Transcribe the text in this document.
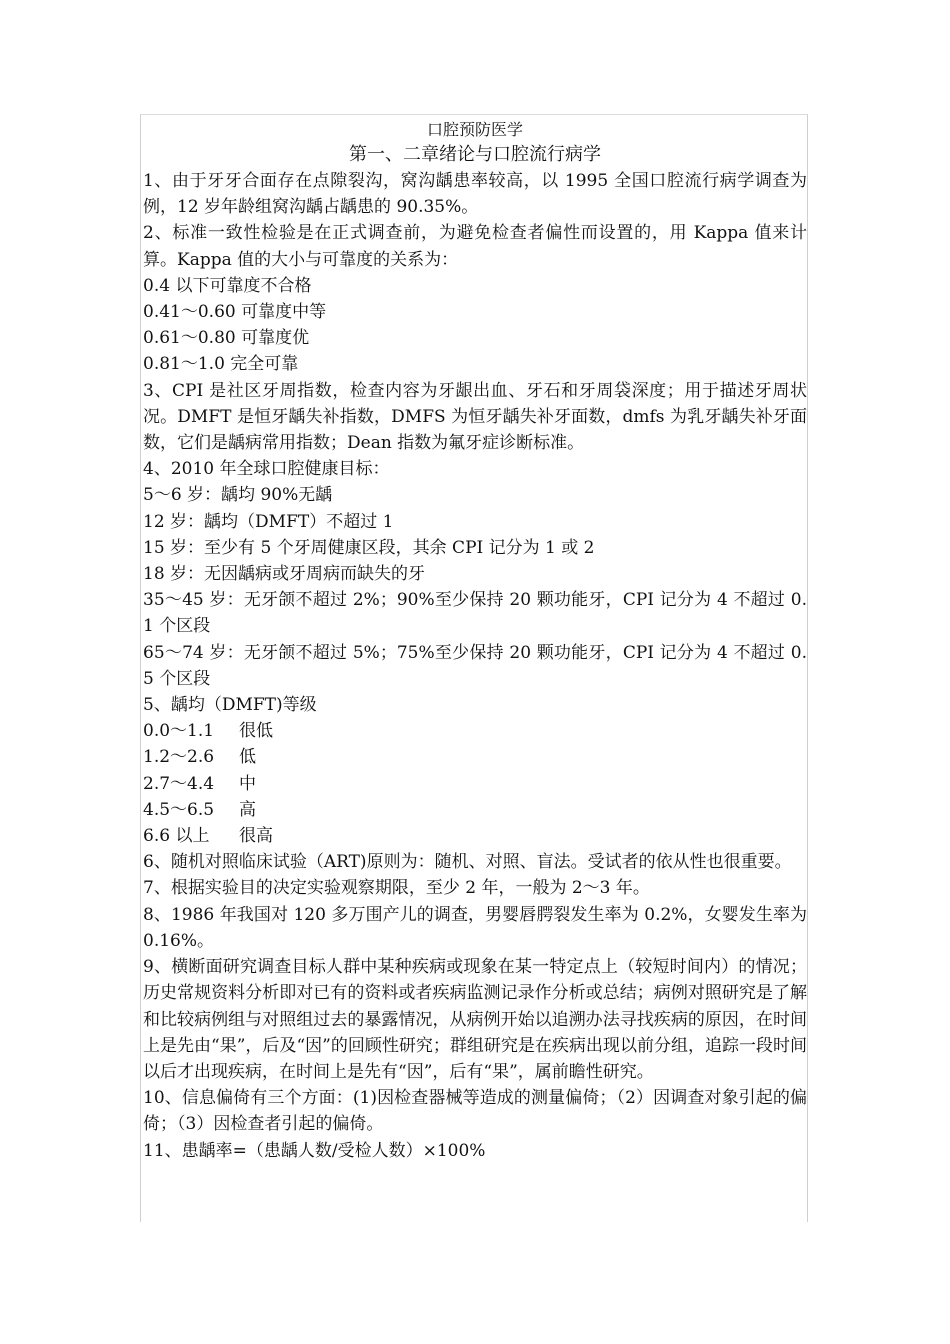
口腔预防医学
第一、二章绪论与口腔流行病学
1、由于牙牙合面存在点隙裂沟，窝沟龋患率较高，以 1995 全国口腔流行病学调查为例，12 岁年龄组窝沟龋占龋患的 90.35%。
2、标准一致性检验是在正式调查前，为避免检查者偏性而设置的，用 Kappa 值来计算。Kappa 值的大小与可靠度的关系为：
0.4 以下可靠度不合格
0.41～0.60 可靠度中等
0.61～0.80 可靠度优
0.81～1.0 完全可靠
3、CPI 是社区牙周指数，检查内容为牙龈出血、牙石和牙周袋深度；用于描述牙周状况。DMFT 是恒牙龋失补指数，DMFS 为恒牙龋失补牙面数，dmfs 为乳牙龋失补牙面数，它们是龋病常用指数；Dean 指数为氟牙症诊断标准。
4、2010 年全球口腔健康目标：
5～6 岁：龋均 90%无龋
12 岁：龋均（DMFT）不超过 1
15 岁：至少有 5 个牙周健康区段，其余 CPI 记分为 1 或 2
18 岁：无因龋病或牙周病而缺失的牙
35～45 岁：无牙颌不超过 2%；90%至少保持 20 颗功能牙，CPI 记分为 4 不超过 0.1 个区段
65～74 岁：无牙颌不超过 5%；75%至少保持 20 颗功能牙，CPI 记分为 4 不超过 0.5 个区段
5、龋均（DMFT)等级
0.0～1.1	很低
1.2～2.6	低
2.7～4.4	中
4.5～6.5	高
6.6 以上	很高
6、随机对照临床试验（ART)原则为：随机、对照、盲法。受试者的依从性也很重要。
7、根据实验目的决定实验观察期限，至少 2 年，一般为 2～3 年。
8、1986 年我国对 120 多万围产儿的调查，男婴唇腭裂发生率为 0.2%，女婴发生率为 0.16%。
9、横断面研究调查目标人群中某种疾病或现象在某一特定点上（较短时间内）的情况；历史常规资料分析即对已有的资料或者疾病监测记录作分析或总结；病例对照研究是了解和比较病例组与对照组过去的暴露情况，从病例开始以追溯办法寻找疾病的原因，在时间上是先由“果”，后及“因”的回顾性研究；群组研究是在疾病出现以前分组，追踪一段时间以后才出现疾病，在时间上是先有“因”，后有“果”，属前瞻性研究。
10、信息偏倚有三个方面：(1)因检查器械等造成的测量偏倚；（2）因调查对象引起的偏倚；（3）因检查者引起的偏倚。
11、患龋率=（患龋人数/受检人数）×100%
